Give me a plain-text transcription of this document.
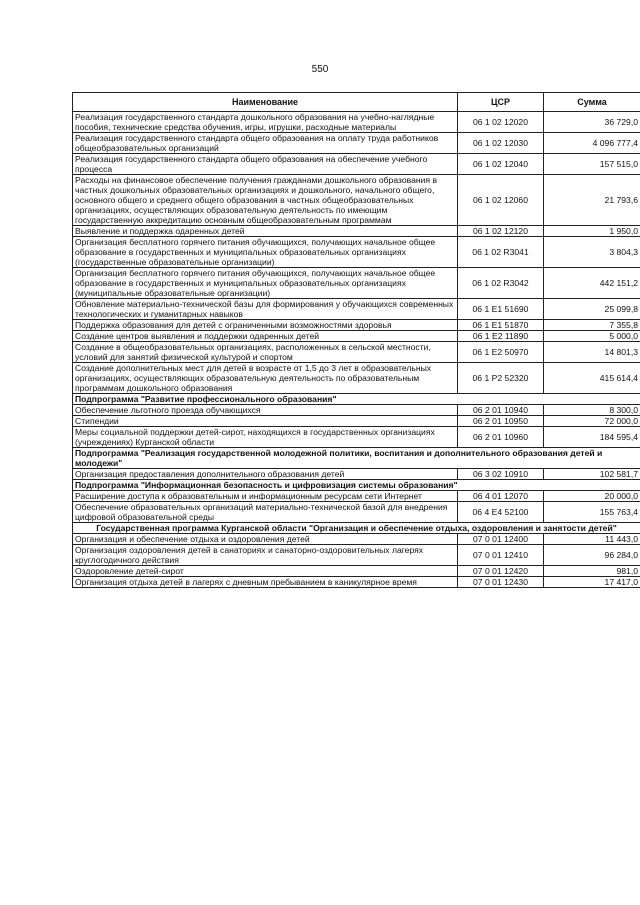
550
Наименование	ЦСР	Сумма
Реализация государственного стандарта дошкольного образования на учебно-наглядные пособия, технические средства обучения, игры, игрушки, расходные материалы	06 1 02 12020	36 729,0
Реализация государственного стандарта общего образования на оплату труда работников общеобразовательных организаций	06 1 02 12030	4 096 777,4
Реализация государственного стандарта общего образования на обеспечение учебного процесса	06 1 02 12040	157 515,0
Расходы на финансовое обеспечение получения гражданами дошкольного образования в частных дошкольных образовательных организациях и дошкольного, начального общего, основного общего и среднего общего образования в частных общеобразовательных организациях, осуществляющих образовательную деятельность по имеющим государственную аккредитацию основным общеобразовательным программам	06 1 02 12060	21 793,6
Выявление и поддержка одаренных детей	06 1 02 12120	1 950,0
Организация бесплатного горячего питания обучающихся, получающих начальное общее образование в государственных и муниципальных образовательных организациях (государственные образовательные организации)	06 1 02 R3041	3 804,3
Организация бесплатного горячего питания обучающихся, получающих начальное общее образование в государственных и муниципальных образовательных организациях (муниципальные образовательные организации)	06 1 02 R3042	442 151,2
Обновление материально-технической базы для формирования у обучающихся современных технологических и гуманитарных навыков	06 1 E1 51690	25 099,8
Поддержка образования для детей с ограниченными возможностями здоровья	06 1 E1 51870	7 355,8
Создание центров выявления и поддержки одаренных детей	06 1 E2 11890	5 000,0
Создание в общеобразовательных организациях, расположенных в сельской местности, условий для занятий физической культурой и спортом	06 1 E2 50970	14 801,3
Создание дополнительных мест для детей в возрасте от 1,5 до 3 лет в образовательных организациях, осуществляющих образовательную деятельность по образовательным программам дошкольного образования	06 1 P2 52320	415 614,4
Подпрограмма "Развитие профессионального образования"		
Обеспечение льготного проезда обучающихся	06 2 01 10940	8 300,0
Стипендии	06 2 01 10950	72 000,0
Меры социальной поддержки детей-сирот, находящихся в государственных организациях (учреждениях) Курганской области	06 2 01 10960	184 595,4
Подпрограмма "Реализация государственной молодежной политики, воспитания и дополнительного образования детей и молодежи"		
Организация предоставления дополнительного образования детей	06 3 02 10910	102 581,7
Подпрограмма "Информационная безопасность и цифровизация системы образования"		
Расширение доступа к образовательным и информационным ресурсам сети Интернет	06 4 01 12070	20 000,0
Обеспечение образовательных организаций материально-технической базой для внедрения цифровой образовательной среды	06 4 E4 52100	155 763,4
Государственная программа Курганской области "Организация и обеспечение отдыха, оздоровления и занятости детей"		
Организация и обеспечение отдыха и оздоровления детей	07 0 01 12400	11 443,0
Организация оздоровления детей в санаториях и санаторно-оздоровительных лагерях круглогодичного действия	07 0 01 12410	96 284,0
Оздоровление детей-сирот	07 0 01 12420	981,0
Организация отдыха детей в лагерях с дневным пребыванием в каникулярное время	07 0 01 12430	17 417,0
